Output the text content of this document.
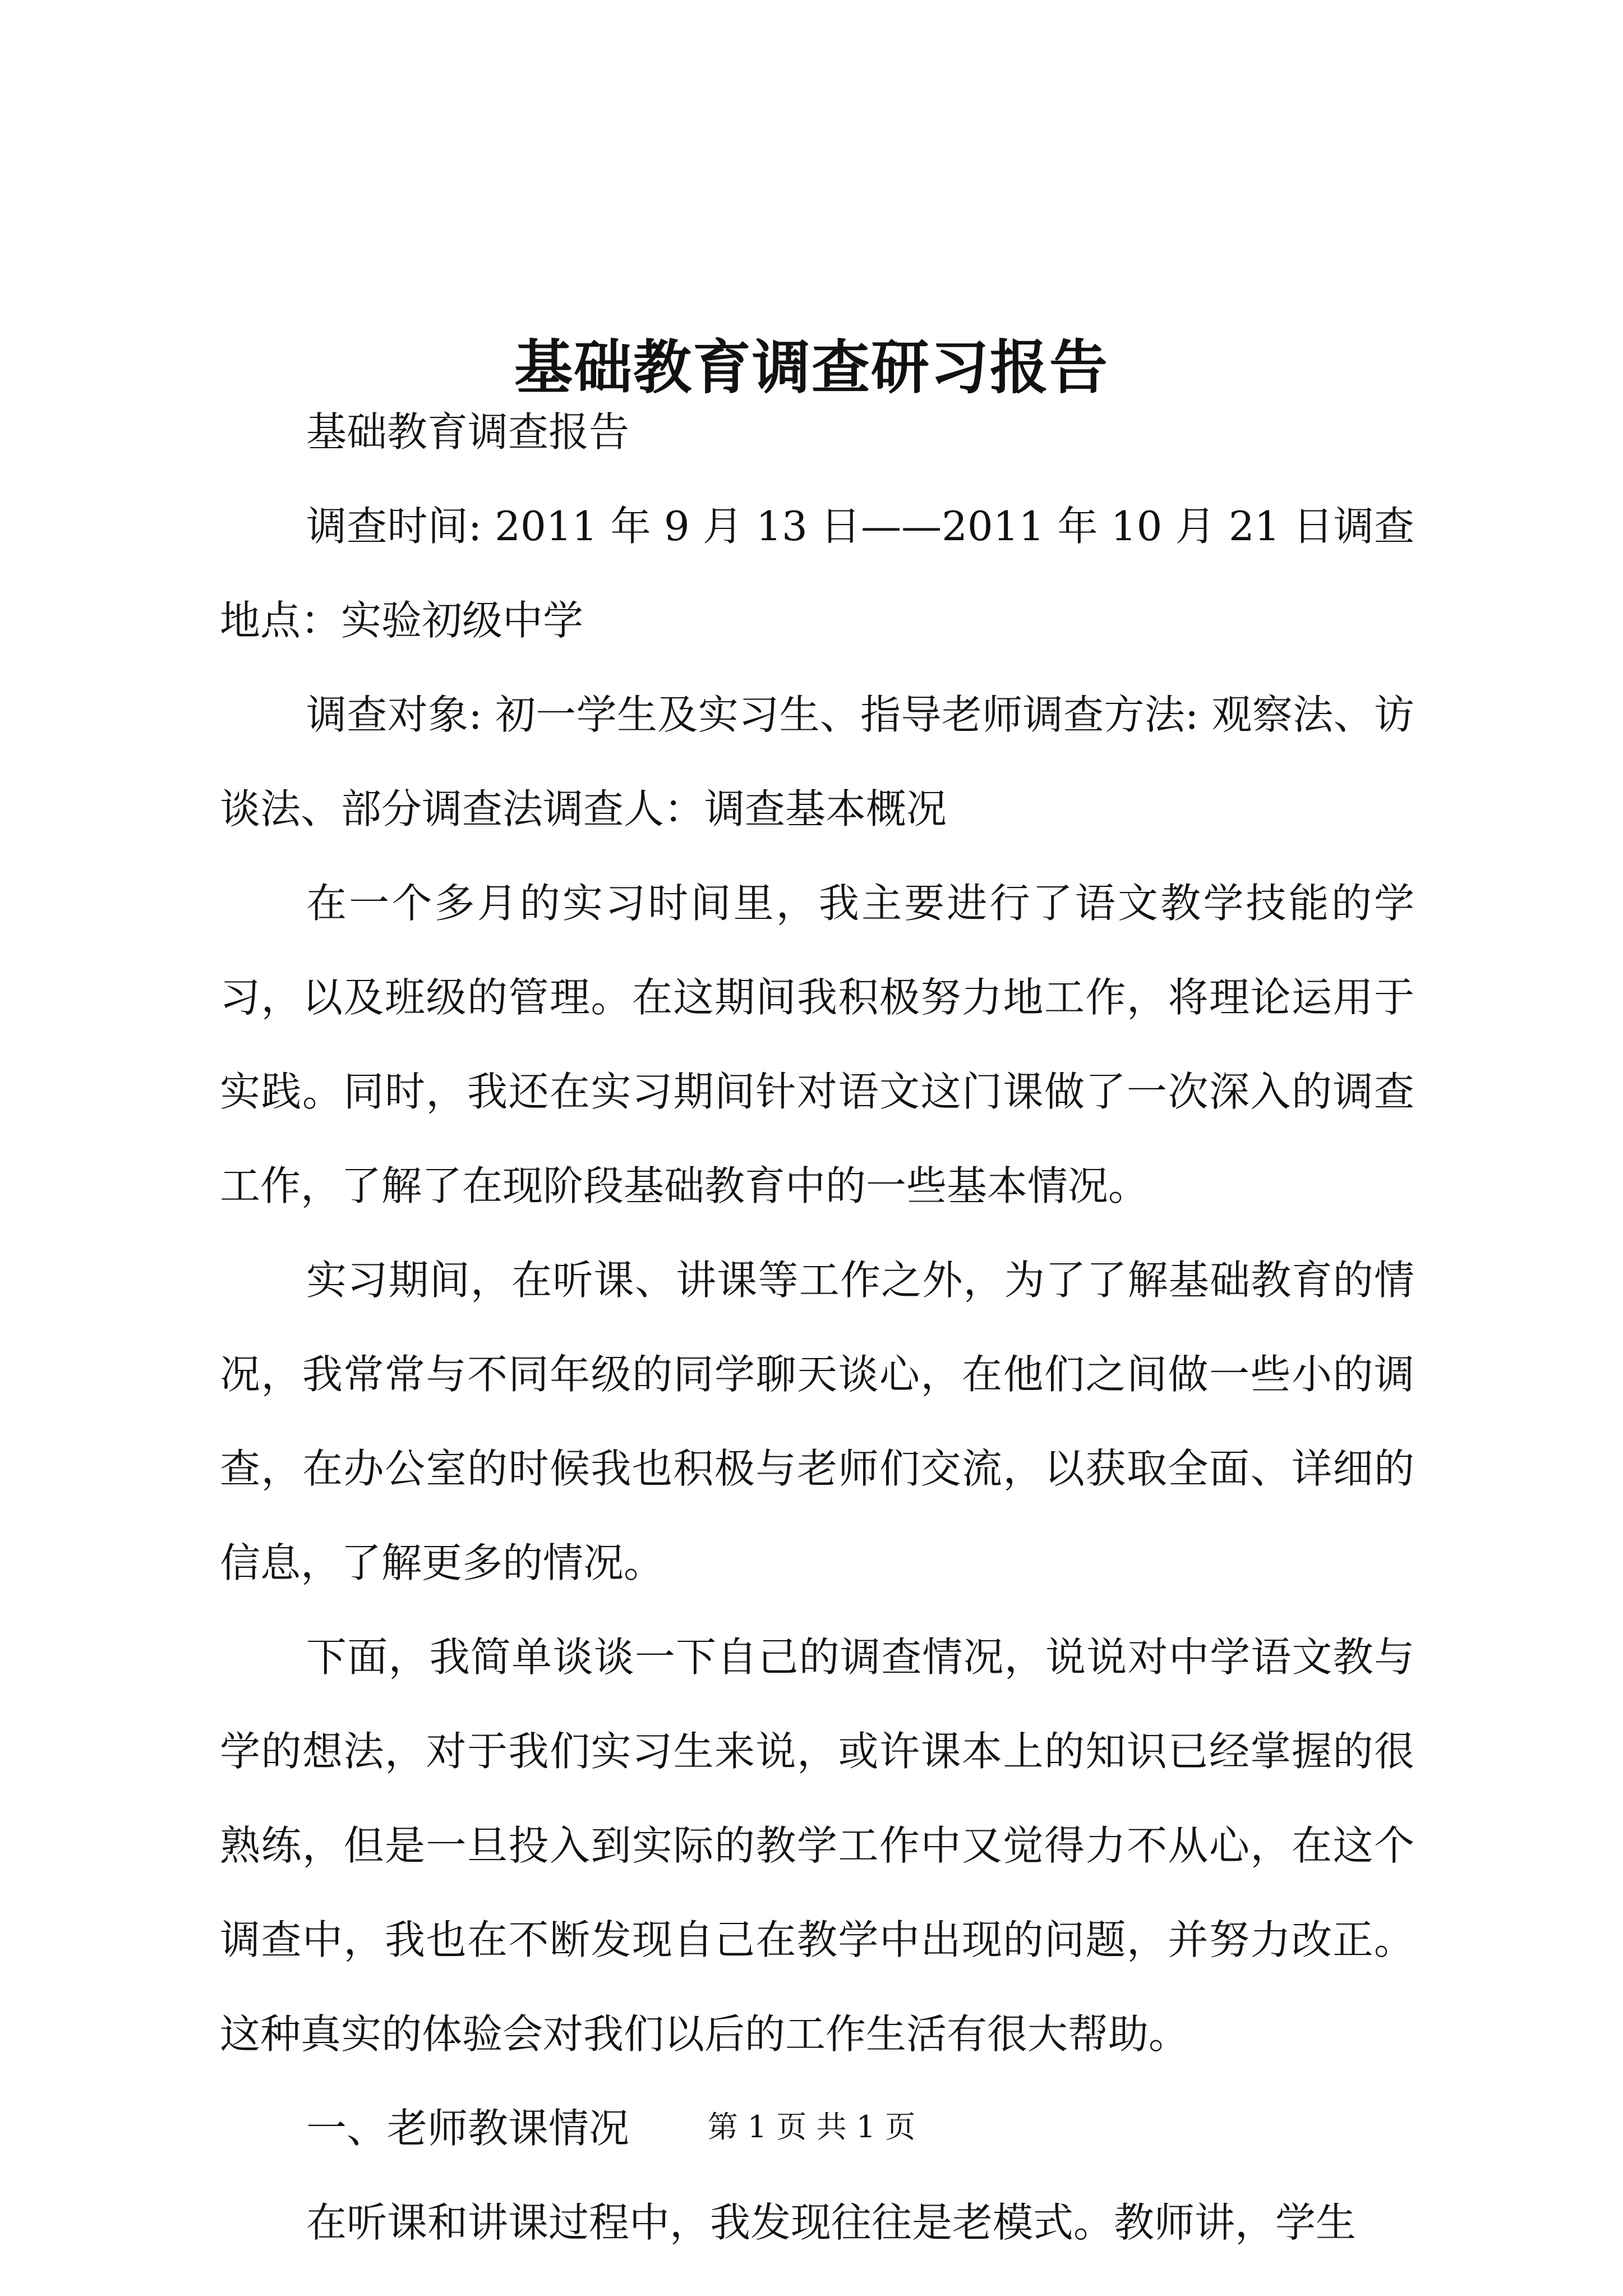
基础教育调查研习报告

基础教育调查报告

调查时间: 2011 年 9 月 13 日——2011 年 10 月 21 日调查地点：实验初级中学

调查对象: 初一学生及实习生、指导老师调查方法: 观察法、访谈法、部分调查法调查人：调查基本概况

在一个多月的实习时间里，我主要进行了语文教学技能的学习，以及班级的管理。在这期间我积极努力地工作，将理论运用于实践。同时，我还在实习期间针对语文这门课做了一次深入的调查工作，了解了在现阶段基础教育中的一些基本情况。

实习期间，在听课、讲课等工作之外，为了了解基础教育的情况，我常常与不同年级的同学聊天谈心，在他们之间做一些小的调查，在办公室的时候我也积极与老师们交流，以获取全面、详细的信息，了解更多的情况。

下面，我简单谈谈一下自己的调查情况，说说对中学语文教与学的想法，对于我们实习生来说，或许课本上的知识已经掌握的很熟练，但是一旦投入到实际的教学工作中又觉得力不从心，在这个调查中，我也在不断发现自己在教学中出现的问题，并努力改正。这种真实的体验会对我们以后的工作生活有很大帮助。

一、老师教课情况

在听课和讲课过程中，我发现往往是老模式。教师讲，学生

第 1 页 共 1 页
